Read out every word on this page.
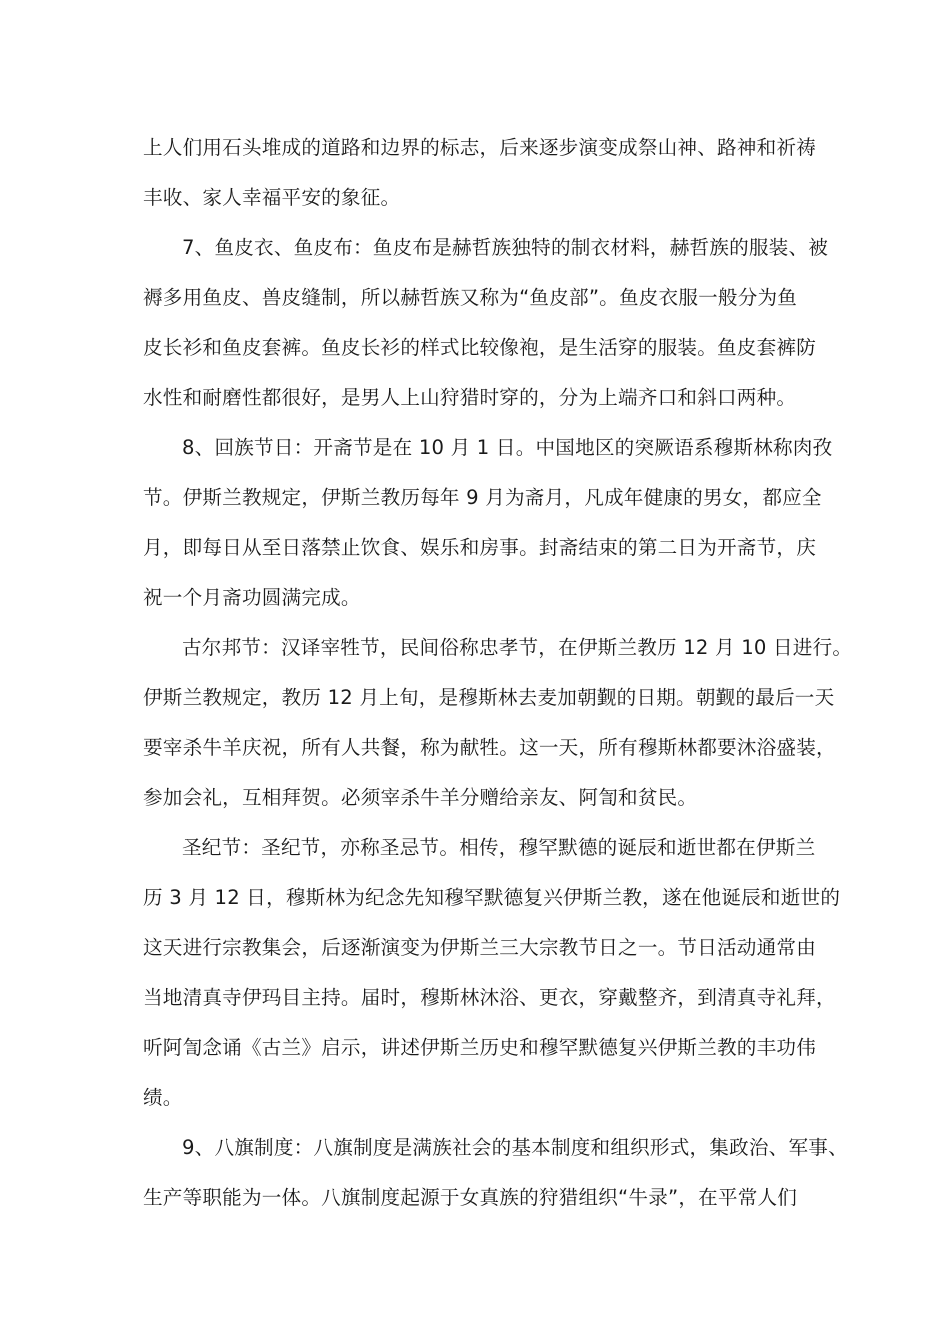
上人们用石头堆成的道路和边界的标志，后来逐步演变成祭山神、路神和祈祷
丰收、家人幸福平安的象征。
7、鱼皮衣、鱼皮布：鱼皮布是赫哲族独特的制衣材料，赫哲族的服装、被
褥多用鱼皮、兽皮缝制，所以赫哲族又称为“鱼皮部”。鱼皮衣服一般分为鱼
皮长衫和鱼皮套裤。鱼皮长衫的样式比较像袍，是生活穿的服装。鱼皮套裤防
水性和耐磨性都很好，是男人上山狩猎时穿的，分为上端齐口和斜口两种。
8、回族节日：开斋节是在 10 月 1 日。中国地区的突厥语系穆斯林称肉孜
节。伊斯兰教规定，伊斯兰教历每年 9 月为斋月，凡成年健康的男女，都应全
月，即每日从至日落禁止饮食、娱乐和房事。封斋结束的第二日为开斋节，庆
祝一个月斋功圆满完成。
古尔邦节：汉译宰牲节，民间俗称忠孝节，在伊斯兰教历 12 月 10 日进行。
伊斯兰教规定，教历 12 月上旬，是穆斯林去麦加朝觐的日期。朝觐的最后一天
要宰杀牛羊庆祝，所有人共餐，称为献牲。这一天，所有穆斯林都要沐浴盛装，
参加会礼，互相拜贺。必须宰杀牛羊分赠给亲友、阿訇和贫民。
圣纪节：圣纪节，亦称圣忌节。相传，穆罕默德的诞辰和逝世都在伊斯兰
历 3 月 12 日，穆斯林为纪念先知穆罕默德复兴伊斯兰教，遂在他诞辰和逝世的
这天进行宗教集会，后逐渐演变为伊斯兰三大宗教节日之一。节日活动通常由
当地清真寺伊玛目主持。届时，穆斯林沐浴、更衣，穿戴整齐，到清真寺礼拜，
听阿訇念诵《古兰》启示，讲述伊斯兰历史和穆罕默德复兴伊斯兰教的丰功伟
绩。
9、八旗制度：八旗制度是满族社会的基本制度和组织形式，集政治、军事、
生产等职能为一体。八旗制度起源于女真族的狩猎组织“牛录”，在平常人们
